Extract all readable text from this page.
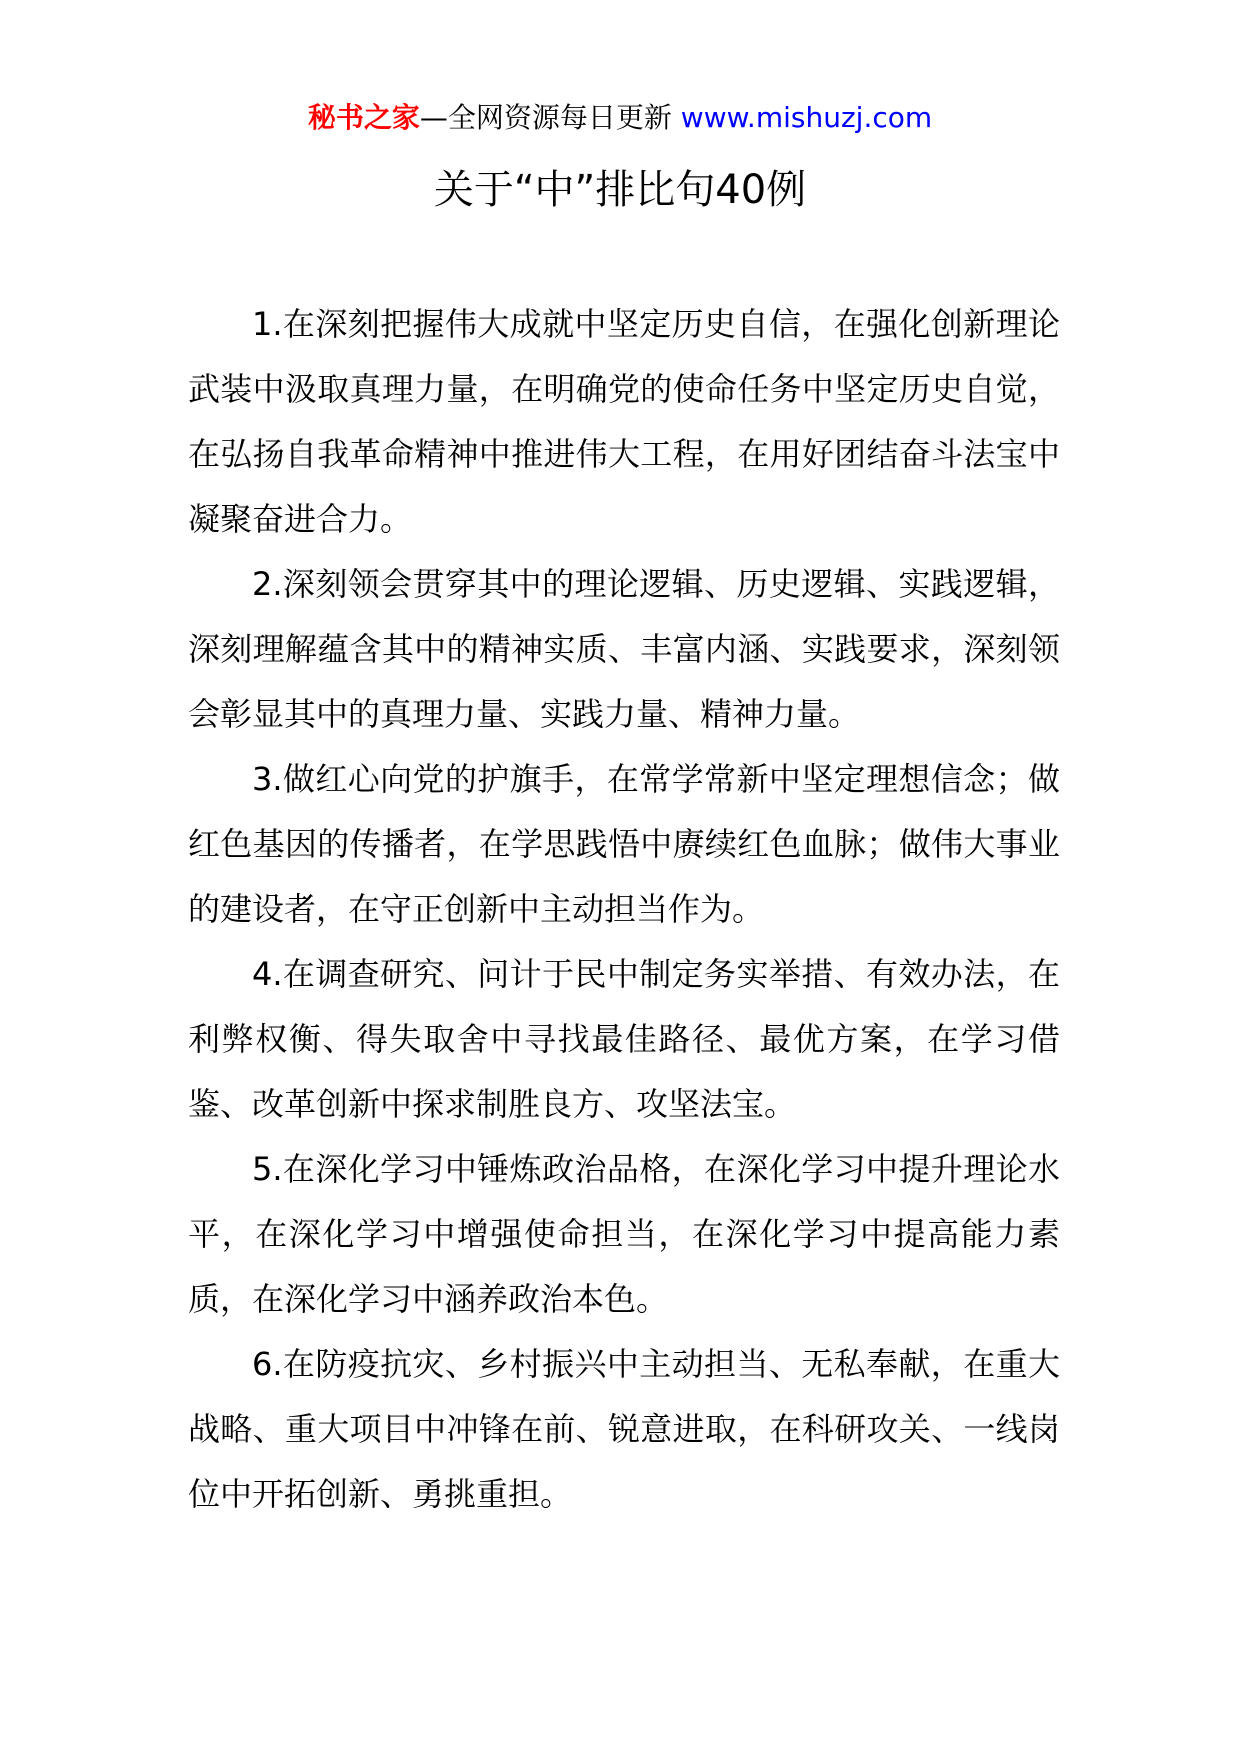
秘书之家—全网资源每日更新 www.mishuzj.com
关于“中”排比句40例

1.在深刻把握伟大成就中坚定历史自信，在强化创新理论武装中汲取真理力量，在明确党的使命任务中坚定历史自觉，在弘扬自我革命精神中推进伟大工程，在用好团结奋斗法宝中凝聚奋进合力。

2.深刻领会贯穿其中的理论逻辑、历史逻辑、实践逻辑，深刻理解蕴含其中的精神实质、丰富内涵、实践要求，深刻领会彰显其中的真理力量、实践力量、精神力量。

3.做红心向党的护旗手，在常学常新中坚定理想信念；做红色基因的传播者，在学思践悟中赓续红色血脉；做伟大事业的建设者，在守正创新中主动担当作为。

4.在调查研究、问计于民中制定务实举措、有效办法，在利弊权衡、得失取舍中寻找最佳路径、最优方案，在学习借鉴、改革创新中探求制胜良方、攻坚法宝。

5.在深化学习中锤炼政治品格，在深化学习中提升理论水平，在深化学习中增强使命担当，在深化学习中提高能力素质，在深化学习中涵养政治本色。

6.在防疫抗灾、乡村振兴中主动担当、无私奉献，在重大战略、重大项目中冲锋在前、锐意进取，在科研攻关、一线岗位中开拓创新、勇挑重担。
